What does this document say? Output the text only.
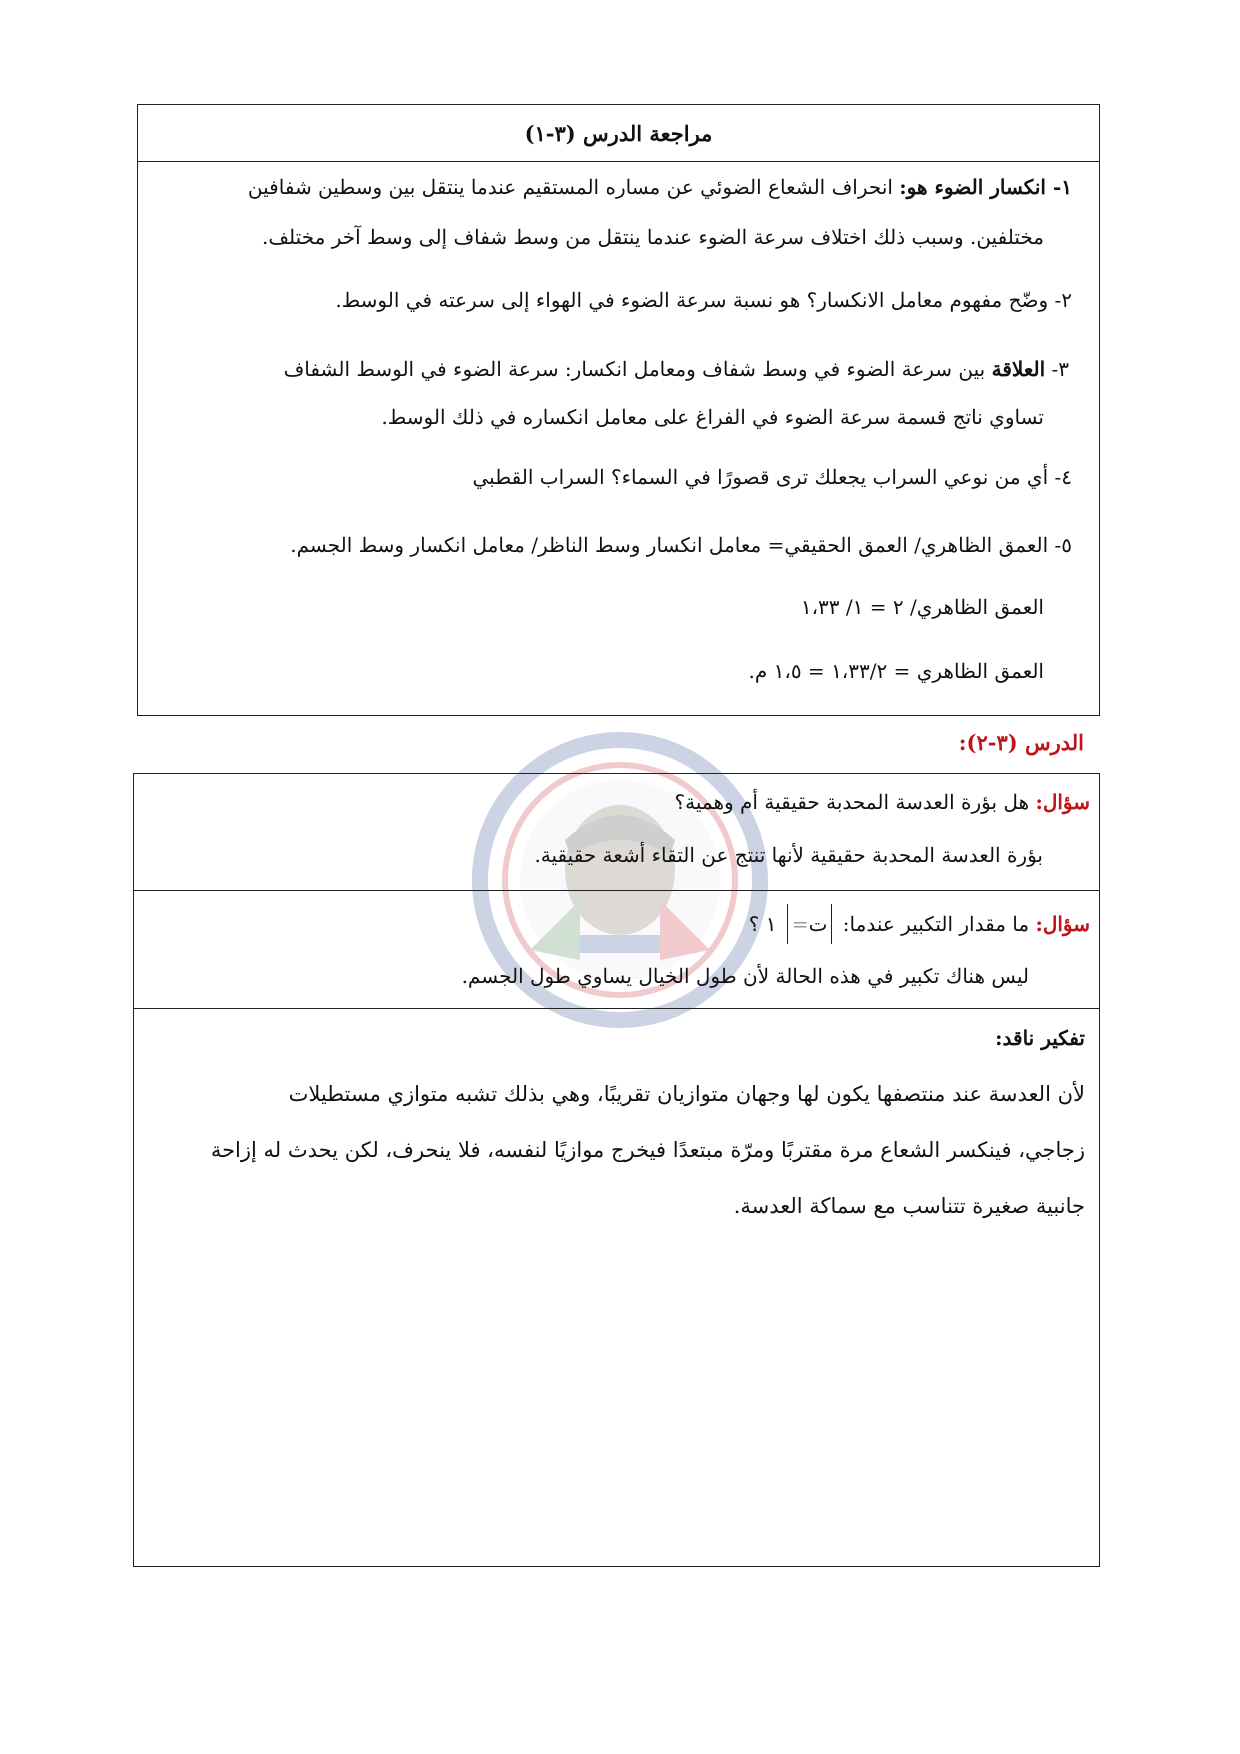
مراجعة الدرس (٣-١)
١- انكسار الضوء هو: انحراف الشعاع الضوئي عن مساره المستقيم عندما ينتقل بين وسطين شفافين
مختلفين. وسبب ذلك اختلاف سرعة الضوء عندما ينتقل من وسط شفاف إلى وسط آخر مختلف.
٢- وضّح مفهوم معامل الانكسار؟ هو نسبة سرعة الضوء في الهواء إلى سرعته في الوسط.
٣- العلاقة بين سرعة الضوء في وسط شفاف ومعامل انكسار: سرعة الضوء في الوسط الشفاف
تساوي ناتج قسمة سرعة الضوء في الفراغ على معامل انكساره في ذلك الوسط.
٤- أي من نوعي السراب يجعلك ترى قصورًا في السماء؟ السراب القطبي
٥- العمق الظاهري/ العمق الحقيقي= معامل انكسار وسط الناظر/ معامل انكسار وسط الجسم.
العمق الظاهري/ ٢ = ١/ ١،٣٣
العمق الظاهري = ١،٣٣/٢ = ١،٥ م.
الدرس (٣-٢):
سؤال: هل بؤرة العدسة المحدبة حقيقية أم وهمية؟
بؤرة العدسة المحدبة حقيقية لأنها تنتج عن التقاء أشعة حقيقية.
سؤال: ما مقدار التكبير عندما: ت= ١ ؟
ليس هناك تكبير في هذه الحالة لأن طول الخيال يساوي طول الجسم.
تفكير ناقد:
لأن العدسة عند منتصفها يكون لها وجهان متوازيان تقريبًا، وهي بذلك تشبه متوازي مستطيلات
زجاجي، فينكسر الشعاع مرة مقتربًا ومرّة مبتعدًا فيخرج موازيًا لنفسه، فلا ينحرف، لكن يحدث له إزاحة
جانبية صغيرة تتناسب مع سماكة العدسة.
